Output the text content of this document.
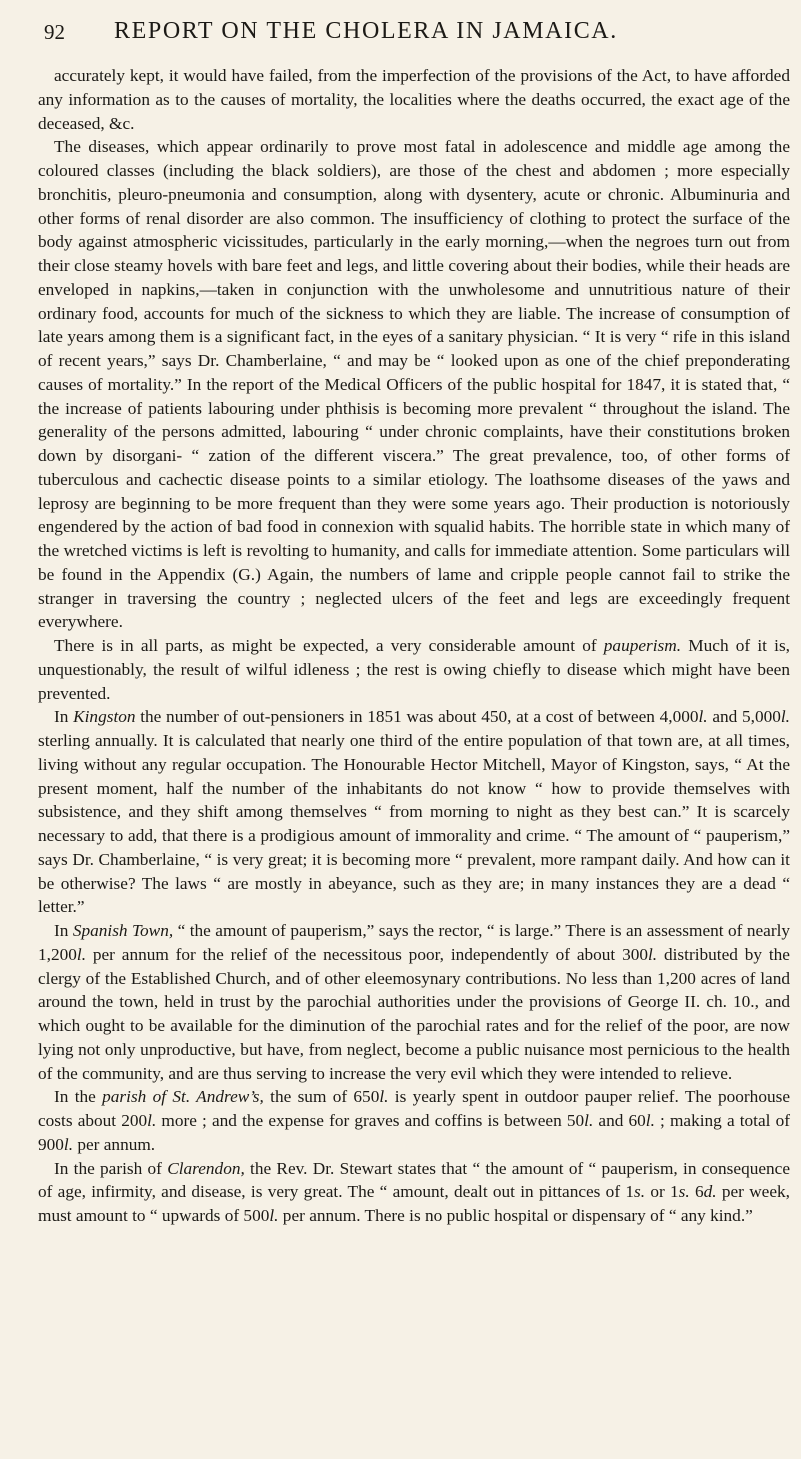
92 REPORT ON THE CHOLERA IN JAMAICA.

accurately kept, it would have failed, from the imperfection of the provisions of the Act, to have afforded any information as to the causes of mortality, the localities where the deaths occurred, the exact age of the deceased, &c.

The diseases, which appear ordinarily to prove most fatal in adolescence and middle age among the coloured classes (including the black soldiers), are those of the chest and abdomen ; more especially bronchitis, pleuro-pneumonia and consumption, along with dysentery, acute or chronic. Albuminuria and other forms of renal disorder are also common. The insufficiency of clothing to protect the surface of the body against atmospheric vicissitudes, particularly in the early morning,—when the negroes turn out from their close steamy hovels with bare feet and legs, and little covering about their bodies, while their heads are enveloped in napkins,—taken in conjunction with the unwholesome and unnutritious nature of their ordinary food, accounts for much of the sickness to which they are liable. The increase of consumption of late years among them is a significant fact, in the eyes of a sanitary physician. “ It is very “ rife in this island of recent years,” says Dr. Chamberlaine, “ and may be “ looked upon as one of the chief preponderating causes of mortality.” In the report of the Medical Officers of the public hospital for 1847, it is stated that, “ the increase of patients labouring under phthisis is becoming more prevalent “ throughout the island. The generality of the persons admitted, labouring “ under chronic complaints, have their constitutions broken down by disorgani- “ zation of the different viscera.” The great prevalence, too, of other forms of tuberculous and cachectic disease points to a similar etiology. The loathsome diseases of the yaws and leprosy are beginning to be more frequent than they were some years ago. Their production is notoriously engendered by the action of bad food in connexion with squalid habits. The horrible state in which many of the wretched victims is left is revolting to humanity, and calls for immediate attention. Some particulars will be found in the Appendix (G.) Again, the numbers of lame and cripple people cannot fail to strike the stranger in traversing the country ; neglected ulcers of the feet and legs are exceedingly frequent everywhere.

There is in all parts, as might be expected, a very considerable amount of pauperism. Much of it is, unquestionably, the result of wilful idleness ; the rest is owing chiefly to disease which might have been prevented.

In Kingston the number of out-pensioners in 1851 was about 450, at a cost of between 4,000l. and 5,000l. sterling annually. It is calculated that nearly one third of the entire population of that town are, at all times, living without any regular occupation. The Honourable Hector Mitchell, Mayor of Kingston, says, “ At the present moment, half the number of the inhabitants do not know “ how to provide themselves with subsistence, and they shift among themselves “ from morning to night as they best can.” It is scarcely necessary to add, that there is a prodigious amount of immorality and crime. “ The amount of “ pauperism,” says Dr. Chamberlaine, “ is very great; it is becoming more “ prevalent, more rampant daily. And how can it be otherwise? The laws “ are mostly in abeyance, such as they are; in many instances they are a dead “ letter.”

In Spanish Town, “ the amount of pauperism,” says the rector, “ is large.” There is an assessment of nearly 1,200l. per annum for the relief of the necessitous poor, independently of about 300l. distributed by the clergy of the Established Church, and of other eleemosynary contributions. No less than 1,200 acres of land around the town, held in trust by the parochial authorities under the provisions of George II. ch. 10., and which ought to be available for the diminution of the parochial rates and for the relief of the poor, are now lying not only unproductive, but have, from neglect, become a public nuisance most pernicious to the health of the community, and are thus serving to increase the very evil which they were intended to relieve.

In the parish of St. Andrew’s, the sum of 650l. is yearly spent in outdoor pauper relief. The poorhouse costs about 200l. more ; and the expense for graves and coffins is between 50l. and 60l. ; making a total of 900l. per annum.

In the parish of Clarendon, the Rev. Dr. Stewart states that “ the amount of “ pauperism, in consequence of age, infirmity, and disease, is very great. The “ amount, dealt out in pittances of 1s. or 1s. 6d. per week, must amount to “ upwards of 500l. per annum. There is no public hospital or dispensary of “ any kind.”
